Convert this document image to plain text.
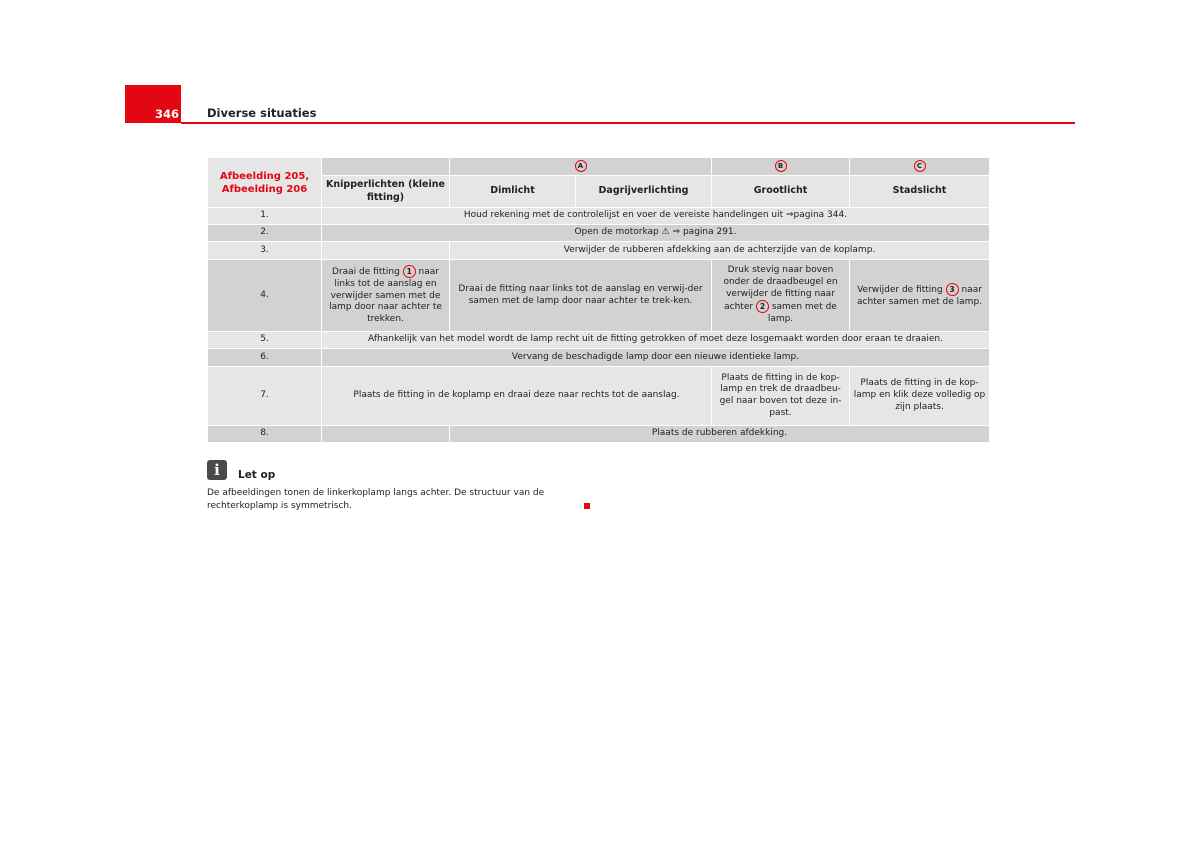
346 Diverse situaties
Afbeelding 205, Afbeelding 206		A		B	C
	Knipperlichten (kleine fitting)	Dimlicht	Dagrijverlichting	Grootlicht	Stadslicht
1.	Houd rekening met de controlelijst en voer de vereiste handelingen uit ⇒pagina 344.				
2.	Open de motorkap ⚠ ⇒ pagina 291.				
3.		Verwijder de rubberen afdekking aan de achterzijde van de koplamp.			
4.	Draai de fitting 1 naar links tot de aanslag en verwijder samen met de lamp door naar achter te trekken.	Draai de fitting naar links tot de aanslag en verwij-der samen met de lamp door naar achter te trek-ken.		Druk stevig naar boven onder de draadbeugel en verwijder de fitting naar achter 2 samen met de lamp.	Verwijder de fitting 3 naar achter samen met de lamp.
5.	Afhankelijk van het model wordt de lamp recht uit de fitting getrokken of moet deze losgemaakt worden door eraan te draaien.				
6.	Vervang de beschadigde lamp door een nieuwe identieke lamp.				
7.	Plaats de fitting in de koplamp en draai deze naar rechts tot de aanslag.			Plaats de fitting in de kop-lamp en trek de draadbeu-gel naar boven tot deze in-past.	Plaats de fitting in de kop-lamp en klik deze volledig op zijn plaats.
8.		Plaats de rubberen afdekking.			
i	Let op
De afbeeldingen tonen de linkerkoplamp langs achter. De structuur van de rechterkoplamp is symmetrisch.
